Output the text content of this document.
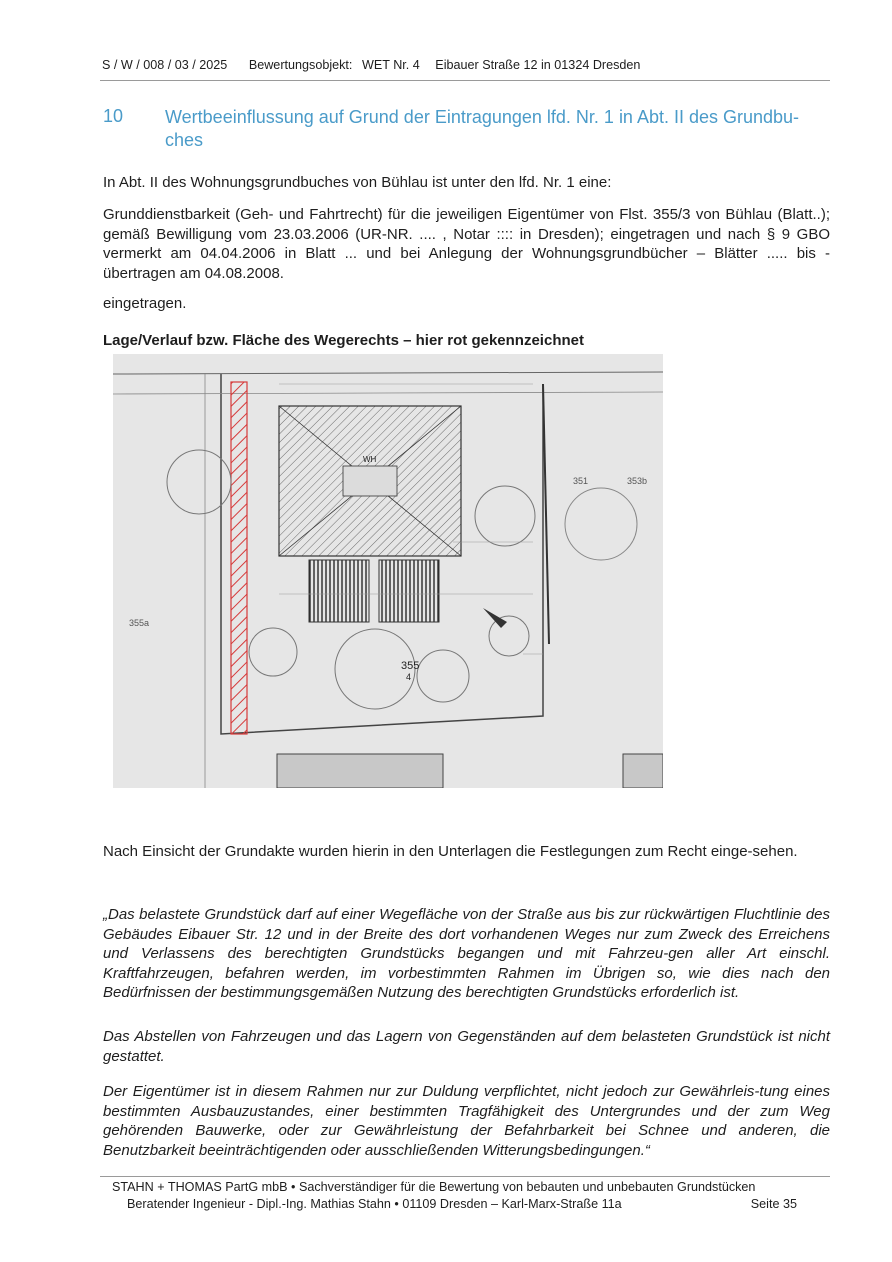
S / W / 008 / 03 / 2025 Bewertungsobjekt: WET Nr. 4 Eibauer Straße 12 in 01324 Dresden
10 Wertbeeinflussung auf Grund der Eintragungen lfd. Nr. 1 in Abt. II des Grundbu-ches
In Abt. II des Wohnungsgrundbuches von Bühlau ist unter den lfd. Nr. 1 eine:
Grunddienstbarkeit (Geh- und Fahrtrecht) für die jeweiligen Eigentümer von Flst. 355/3 von Bühlau (Blatt..); gemäß Bewilligung vom 23.03.2006 (UR-NR. .... , Notar :::: in Dresden); eingetragen und nach § 9 GBO vermerkt am 04.04.2006 in Blatt ... und bei Anlegung der Wohnungsgrundbücher – Blätter ..... bis - übertragen am 04.08.2008.
eingetragen.
Lage/Verlauf bzw. Fläche des Wegerechts – hier rot gekennzeichnet
355
4
351	353b
355a
WH
Nach Einsicht der Grundakte wurden hierin in den Unterlagen die Festlegungen zum Recht einge-sehen.
„Das belastete Grundstück darf auf einer Wegefläche von der Straße aus bis zur rückwärtigen Fluchtlinie des Gebäudes Eibauer Str. 12 und in der Breite des dort vorhandenen Weges nur zum Zweck des Erreichens und Verlassens des berechtigten Grundstücks begangen und mit Fahrzeu-gen aller Art einschl. Kraftfahrzeugen, befahren werden, im vorbestimmten Rahmen im Übrigen so, wie dies nach den Bedürfnissen der bestimmungsgemäßen Nutzung des berechtigten Grundstücks erforderlich ist.
Das Abstellen von Fahrzeugen und das Lagern von Gegenständen auf dem belasteten Grundstück ist nicht gestattet.
Der Eigentümer ist in diesem Rahmen nur zur Duldung verpflichtet, nicht jedoch zur Gewährleis-tung eines bestimmten Ausbauzustandes, einer bestimmten Tragfähigkeit des Untergrundes und der zum Weg gehörenden Bauwerke, oder zur Gewährleistung der Befahrbarkeit bei Schnee und anderen, die Benutzbarkeit beeinträchtigenden oder ausschließenden Witterungsbedingungen.“
STAHN + THOMAS PartG mbB • Sachverständiger für die Bewertung von bebauten und unbebauten Grundstücken
Beratender Ingenieur - Dipl.-Ing. Mathias Stahn • 01109 Dresden – Karl-Marx-Straße 11a	Seite 35
